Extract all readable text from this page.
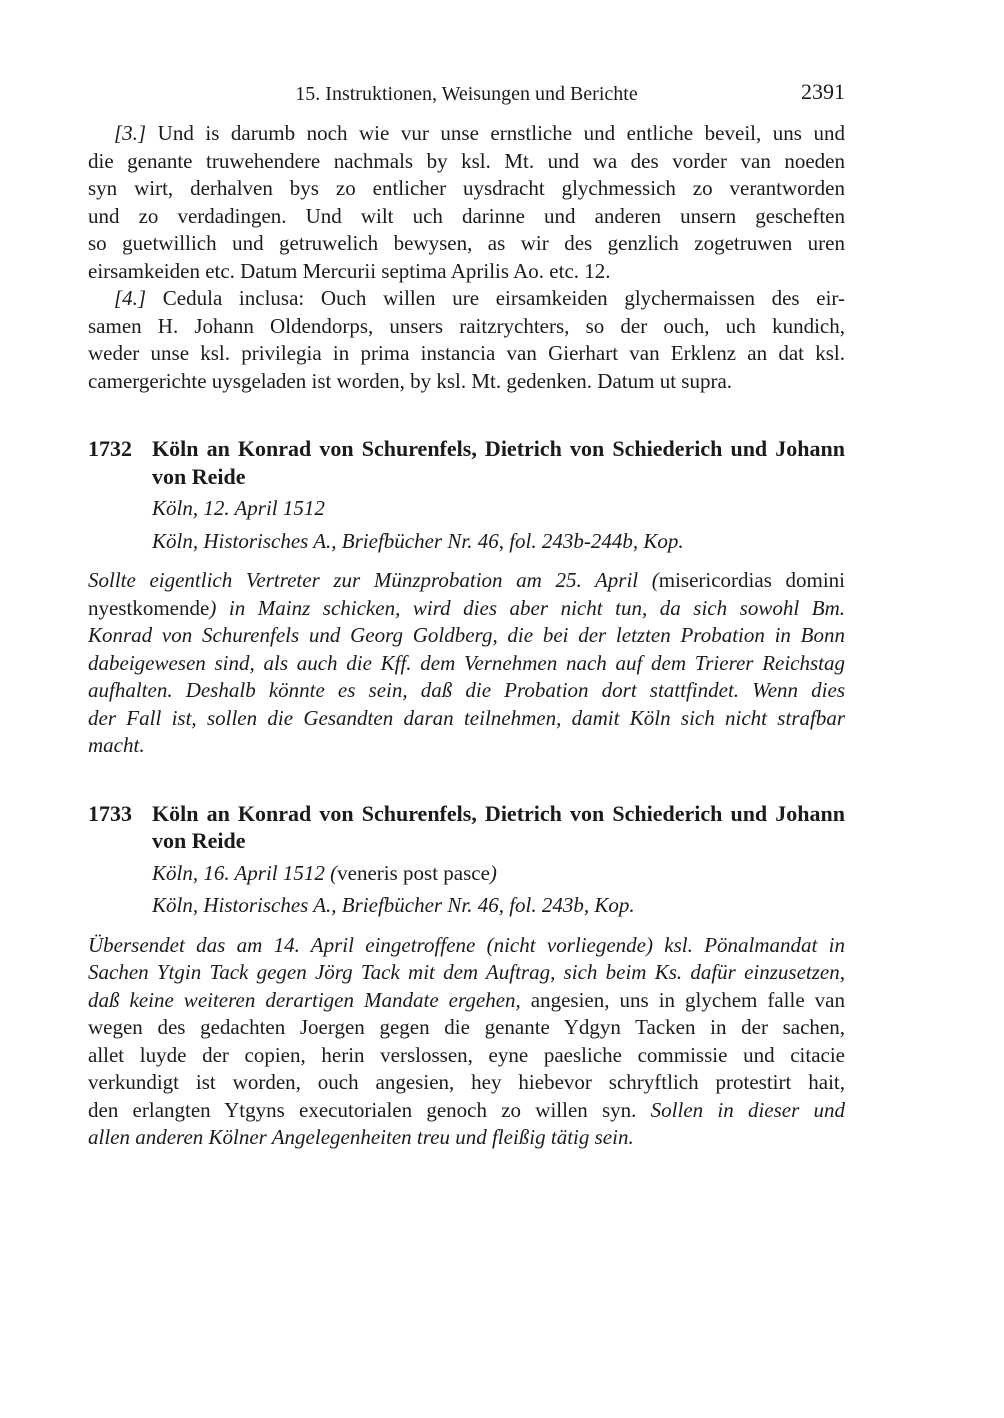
15. Instruktionen, Weisungen und Berichte	2391
[3.] Und is darumb noch wie vur unse ernstliche und entliche beveil, uns und
die genante truwehendere nachmals by ksl. Mt. und wa des vorder van noeden
syn wirt, derhalven bys zo entlicher uysdracht glychmessich zo verantworden
und zo verdadingen. Und wilt uch darinne und anderen unsern gescheften
so guetwillich und getruwelich bewysen, as wir des genzlich zogetruwen uren
eirsamkeiden etc. Datum Mercurii septima Aprilis Ao. etc. 12.
[4.] Cedula inclusa: Ouch willen ure eirsamkeiden glychermaissen des eir-
samen H. Johann Oldendorps, unsers raitzrychters, so der ouch, uch kundich,
weder unse ksl. privilegia in prima instancia van Gierhart van Erklenz an dat ksl.
camergerichte uysgeladen ist worden, by ksl. Mt. gedenken. Datum ut supra.
1732 Köln an Konrad von Schurenfels, Dietrich von Schiederich und Johann
von Reide
Köln, 12. April 1512
Köln, Historisches A., Briefbücher Nr. 46, fol. 243b-244b, Kop.
Sollte eigentlich Vertreter zur Münzprobation am 25. April (misericordias domini
nyestkomende) in Mainz schicken, wird dies aber nicht tun, da sich sowohl Bm.
Konrad von Schurenfels und Georg Goldberg, die bei der letzten Probation in Bonn
dabeigewesen sind, als auch die Kff. dem Vernehmen nach auf dem Trierer Reichstag
aufhalten. Deshalb könnte es sein, daß die Probation dort stattfindet. Wenn dies
der Fall ist, sollen die Gesandten daran teilnehmen, damit Köln sich nicht strafbar
macht.
1733 Köln an Konrad von Schurenfels, Dietrich von Schiederich und Johann
von Reide
Köln, 16. April 1512 (veneris post pasce)
Köln, Historisches A., Briefbücher Nr. 46, fol. 243b, Kop.
Übersendet das am 14. April eingetroffene (nicht vorliegende) ksl. Pönalmandat in
Sachen Ytgin Tack gegen Jörg Tack mit dem Auftrag, sich beim Ks. dafür einzusetzen,
daß keine weiteren derartigen Mandate ergehen, angesien, uns in glychem falle van
wegen des gedachten Joergen gegen die genante Ydgyn Tacken in der sachen,
allet luyde der copien, herin verslossen, eyne paesliche commissie und citacie
verkundigt ist worden, ouch angesien, hey hiebevor schryftlich protestirt hait,
den erlangten Ytgyns executorialen genoch zo willen syn. Sollen in dieser und
allen anderen Kölner Angelegenheiten treu und fleißig tätig sein.
